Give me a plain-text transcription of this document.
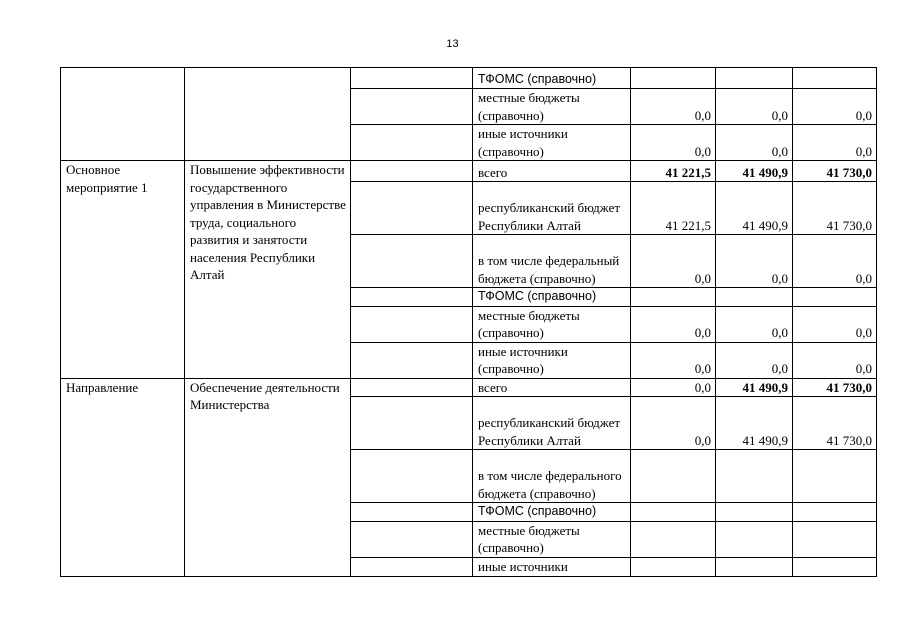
13
			ТФОМС (справочно)			
			местные бюджеты (справочно)	0,0	0,0	0,0
			иные источники (справочно)	0,0	0,0	0,0
Основное мероприятие 1	Повышение эффективности государственного управления в Министерстве труда, социального развития и занятости населения Республики Алтай		всего	41 221,5	41 490,9	41 730,0
			республиканский бюджет Республики Алтай	41 221,5	41 490,9	41 730,0
			в том числе федеральный бюджета (справочно)	0,0	0,0	0,0
			ТФОМС (справочно)			
			местные бюджеты (справочно)	0,0	0,0	0,0
			иные источники (справочно)	0,0	0,0	0,0
Направление	Обеспечение деятельности Министерства		всего	0,0	41 490,9	41 730,0
			республиканский бюджет Республики Алтай	0,0	41 490,9	41 730,0
			в том числе федерального бюджета (справочно)			
			ТФОМС (справочно)			
			местные бюджеты (справочно)			
			иные источники			
